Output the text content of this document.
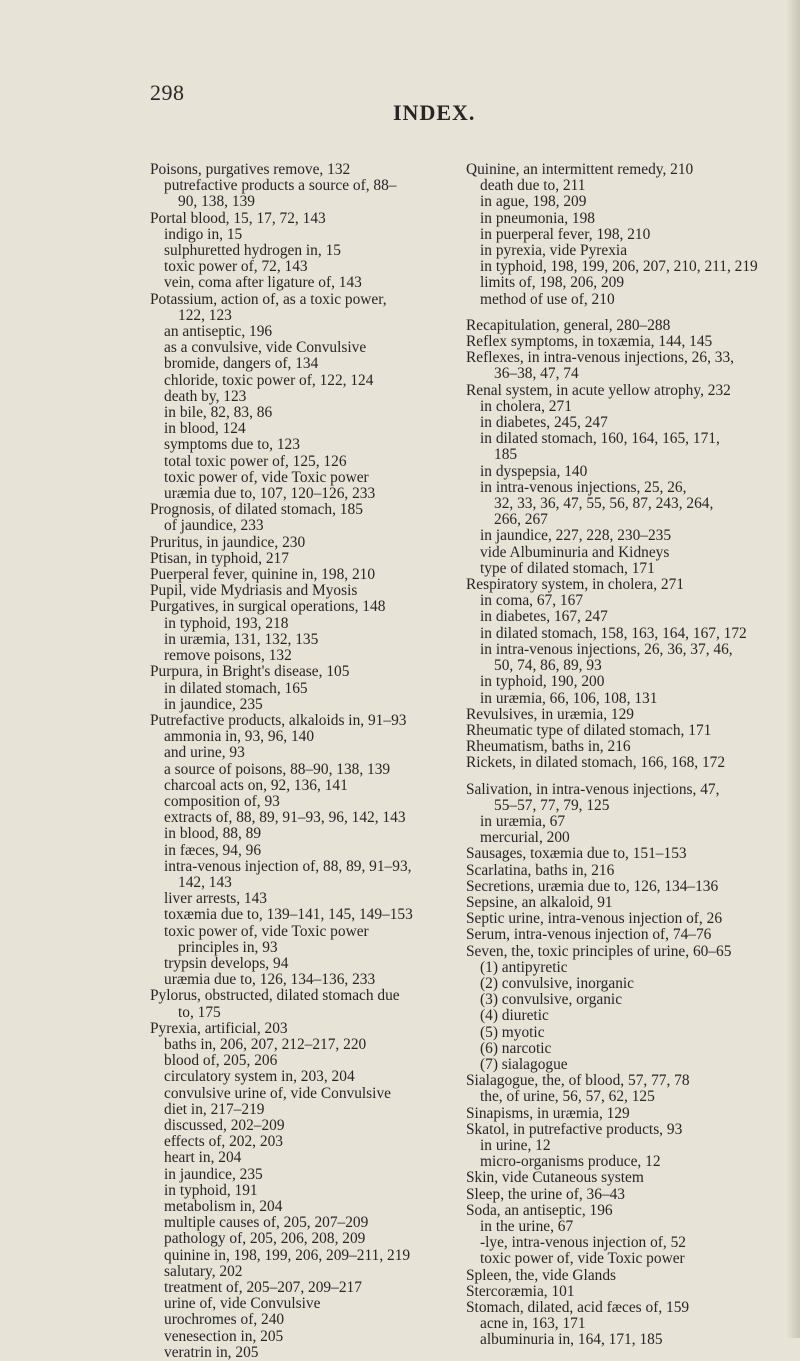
298
INDEX.
Poisons, purgatives remove, 132
putrefactive products a source of, 88–
90, 138, 139
Portal blood, 15, 17, 72, 143
indigo in, 15
sulphuretted hydrogen in, 15
toxic power of, 72, 143
vein, coma after ligature of, 143
Potassium, action of, as a toxic power,
122, 123
an antiseptic, 196
as a convulsive, vide Convulsive
bromide, dangers of, 134
chloride, toxic power of, 122, 124
death by, 123
in bile, 82, 83, 86
in blood, 124
symptoms due to, 123
total toxic power of, 125, 126
toxic power of, vide Toxic power
uræmia due to, 107, 120–126, 233
Prognosis, of dilated stomach, 185
of jaundice, 233
Pruritus, in jaundice, 230
Ptisan, in typhoid, 217
Puerperal fever, quinine in, 198, 210
Pupil, vide Mydriasis and Myosis
Purgatives, in surgical operations, 148
in typhoid, 193, 218
in uræmia, 131, 132, 135
remove poisons, 132
Purpura, in Bright's disease, 105
in dilated stomach, 165
in jaundice, 235
Putrefactive products, alkaloids in, 91–93
ammonia in, 93, 96, 140
and urine, 93
a source of poisons, 88–90, 138, 139
charcoal acts on, 92, 136, 141
composition of, 93
extracts of, 88, 89, 91–93, 96, 142, 143
in blood, 88, 89
in fæces, 94, 96
intra-venous injection of, 88, 89, 91–93,
142, 143
liver arrests, 143
toxæmia due to, 139–141, 145, 149–153
toxic power of, vide Toxic power
principles in, 93
trypsin develops, 94
uræmia due to, 126, 134–136, 233
Pylorus, obstructed, dilated stomach due
to, 175
Pyrexia, artificial, 203
baths in, 206, 207, 212–217, 220
blood of, 205, 206
circulatory system in, 203, 204
convulsive urine of, vide Convulsive
diet in, 217–219
discussed, 202–209
effects of, 202, 203
heart in, 204
in jaundice, 235
in typhoid, 191
metabolism in, 204
multiple causes of, 205, 207–209
pathology of, 205, 206, 208, 209
quinine in, 198, 199, 206, 209–211, 219
salutary, 202
treatment of, 205–207, 209–217
urine of, vide Convulsive
urochromes of, 240
venesection in, 205
veratrin in, 205
Quinine, an intermittent remedy, 210
death due to, 211
in ague, 198, 209
in pneumonia, 198
in puerperal fever, 198, 210
in pyrexia, vide Pyrexia
in typhoid, 198, 199, 206, 207, 210, 211, 219
limits of, 198, 206, 209
method of use of, 210
Recapitulation, general, 280–288
Reflex symptoms, in toxæmia, 144, 145
Reflexes, in intra-venous injections, 26, 33,
36–38, 47, 74
Renal system, in acute yellow atrophy, 232
in cholera, 271
in diabetes, 245, 247
in dilated stomach, 160, 164, 165, 171,
185
in dyspepsia, 140
in intra-venous injections, 25, 26,
32, 33, 36, 47, 55, 56, 87, 243, 264,
266, 267
in jaundice, 227, 228, 230–235
vide Albuminuria and Kidneys
type of dilated stomach, 171
Respiratory system, in cholera, 271
in coma, 67, 167
in diabetes, 167, 247
in dilated stomach, 158, 163, 164, 167, 172
in intra-venous injections, 26, 36, 37, 46,
50, 74, 86, 89, 93
in typhoid, 190, 200
in uræmia, 66, 106, 108, 131
Revulsives, in uræmia, 129
Rheumatic type of dilated stomach, 171
Rheumatism, baths in, 216
Rickets, in dilated stomach, 166, 168, 172
Salivation, in intra-venous injections, 47,
55–57, 77, 79, 125
in uræmia, 67
mercurial, 200
Sausages, toxæmia due to, 151–153
Scarlatina, baths in, 216
Secretions, uræmia due to, 126, 134–136
Sepsine, an alkaloid, 91
Septic urine, intra-venous injection of, 26
Serum, intra-venous injection of, 74–76
Seven, the, toxic principles of urine, 60–65
(1) antipyretic
(2) convulsive, inorganic
(3) convulsive, organic
(4) diuretic
(5) myotic
(6) narcotic
(7) sialagogue
Sialagogue, the, of blood, 57, 77, 78
the, of urine, 56, 57, 62, 125
Sinapisms, in uræmia, 129
Skatol, in putrefactive products, 93
in urine, 12
micro-organisms produce, 12
Skin, vide Cutaneous system
Sleep, the urine of, 36–43
Soda, an antiseptic, 196
in the urine, 67
-lye, intra-venous injection of, 52
toxic power of, vide Toxic power
Spleen, the, vide Glands
Stercoræmia, 101
Stomach, dilated, acid fæces of, 159
acne in, 163, 171
albuminuria in, 164, 171, 185
